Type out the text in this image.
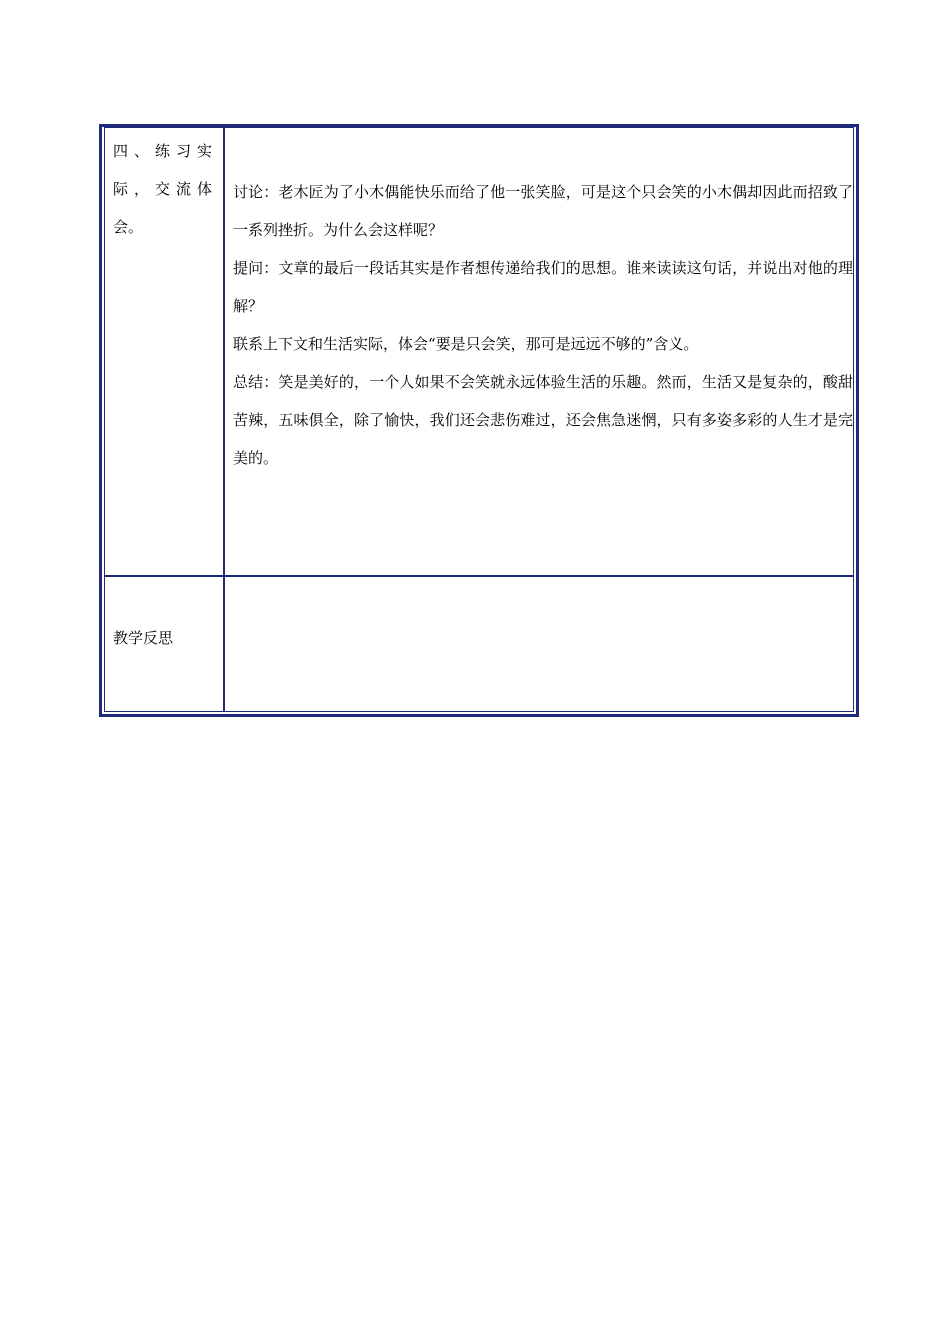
四、练习实
际，交流体
会。

讨论：老木匠为了小木偶能快乐而给了他一张笑脸，可是这个只会笑的小木偶却因此而招致了一系列挫折。为什么会这样呢？

提问：文章的最后一段话其实是作者想传递给我们的思想。谁来读读这句话，并说出对他的理解？

联系上下文和生活实际，体会“要是只会笑，那可是远远不够的”含义。

总结：笑是美好的，一个人如果不会笑就永远体验生活的乐趣。然而，生活又是复杂的，酸甜苦辣，五味俱全，除了愉快，我们还会悲伤难过，还会焦急迷惘，只有多姿多彩的人生才是完美的。

教学反思
